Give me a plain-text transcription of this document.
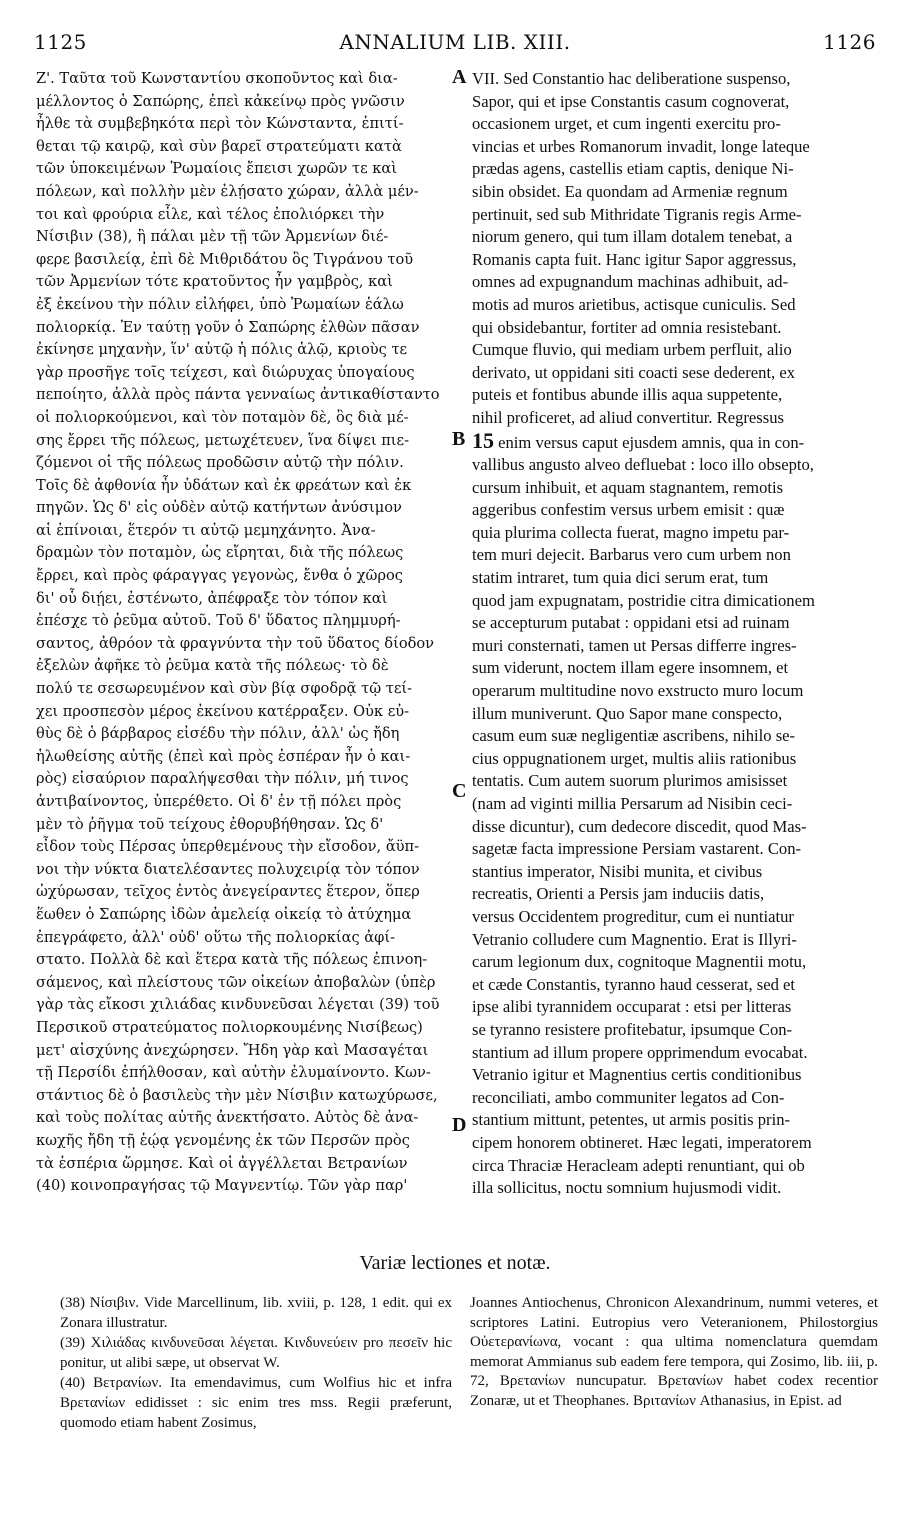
1125	ANNALIUM LIB. XIII.	1126

Ζ'. Ταῦτα τοῦ Κωνσταντίου σκοποῦντος καὶ δια-
μέλλοντος ὁ Σαπώρης, ἐπεὶ κἀκείνῳ πρὸς γνῶσιν
ἦλθε τὰ συμβεβηκότα περὶ τὸν Κώνσταντα, ἐπιτί-
θεται τῷ καιρῷ, καὶ σὺν βαρεῖ στρατεύματι κατὰ
τῶν ὑποκειμένων Ῥωμαίοις ἔπεισι χωρῶν τε καὶ
πόλεων, καὶ πολλὴν μὲν ἐλῄσατο χώραν, ἀλλὰ μέν-
τοι καὶ φρούρια εἷλε, καὶ τέλος ἐπολιόρκει τὴν
Νίσιβιν (38), ἣ πάλαι μὲν τῇ τῶν Ἀρμενίων διέ-
φερε βασιλείᾳ, ἐπὶ δὲ Μιθριδάτου ὃς Τιγράνου τοῦ
τῶν Ἀρμενίων τότε κρατοῦντος ἦν γαμβρὸς, καὶ
ἐξ ἐκείνου τὴν πόλιν εἰλήφει, ὑπὸ Ῥωμαίων ἑάλω
πολιορκίᾳ. Ἐν ταύτῃ γοῦν ὁ Σαπώρης ἐλθὼν πᾶσαν
ἐκίνησε μηχανὴν, ἵν' αὐτῷ ἡ πόλις ἁλῷ, κριοὺς τε
γὰρ προσῆγε τοῖς τείχεσι, καὶ διώρυχας ὑπογαίους
πεποίητο, ἀλλὰ πρὸς πάντα γενναίως ἀντικαθίσταντο
οἱ πολιορκούμενοι, καὶ τὸν ποταμὸν δὲ, ὃς διὰ μέ-
σης ἔρρει τῆς πόλεως, μετωχέτευεν, ἵνα δίψει πιε-
ζόμενοι οἱ τῆς πόλεως προδῶσιν αὐτῷ τὴν πόλιν.
Τοῖς δὲ ἀφθονία ἦν ὑδάτων καὶ ἐκ φρεάτων καὶ ἐκ
πηγῶν. Ὡς δ' εἰς οὐδὲν αὐτῷ κατήντων ἀνύσιμον
αἱ ἐπίνοιαι, ἕτερόν τι αὐτῷ μεμηχάνητο. Ἀνα-
δραμὼν τὸν ποταμὸν, ὡς εἴρηται, διὰ τῆς πόλεως
ἔρρει, καὶ πρὸς φάραγγας γεγονὼς, ἔνθα ὁ χῶρος
δι' οὗ διῄει, ἐστένωτο, ἀπέφραξε τὸν τόπον καὶ
ἐπέσχε τὸ ῥεῦμα αὐτοῦ. Τοῦ δ' ὕδατος πλημμυρή-
σαντος, ἀθρόον τὰ φραγνύντα τὴν τοῦ ὕδατος δίοδον
ἐξελὼν ἀφῆκε τὸ ῥεῦμα κατὰ τῆς πόλεως· τὸ δὲ
πολύ τε σεσωρευμένον καὶ σὺν βίᾳ σφοδρᾷ τῷ τεί-
χει προσπεσὸν μέρος ἐκείνου κατέρραξεν. Οὐκ εὐ-
θὺς δὲ ὁ βάρβαρος εἰσέδυ τὴν πόλιν, ἀλλ' ὡς ἤδη
ἡλωθείσης αὐτῆς (ἐπεὶ καὶ πρὸς ἑσπέραν ἦν ὁ και-
ρὸς) εἰσαύριον παραλήψεσθαι τὴν πόλιν, μή τινος
ἀντιβαίνοντος, ὑπερέθετο. Οἱ δ' ἐν τῇ πόλει πρὸς
μὲν τὸ ῥῆγμα τοῦ τείχους ἐθορυβήθησαν. Ὡς δ'
εἶδον τοὺς Πέρσας ὑπερθεμένους τὴν εἴσοδον, ἄϋπ-
νοι τὴν νύκτα διατελέσαντες πολυχειρίᾳ τὸν τόπον
ὠχύρωσαν, τεῖχος ἐντὸς ἀνεγείραντες ἕτερον, ὅπερ
ἕωθεν ὁ Σαπώρης ἰδὼν ἀμελείᾳ οἰκείᾳ τὸ ἀτύχημα
ἐπεγράφετο, ἀλλ' οὐδ' οὕτω τῆς πολιορκίας ἀφί-
στατο. Πολλὰ δὲ καὶ ἕτερα κατὰ τῆς πόλεως ἐπινοη-
σάμενος, καὶ πλείστους τῶν οἰκείων ἀποβαλὼν (ὑπὲρ
γὰρ τὰς εἴκοσι χιλιάδας κινδυνεῦσαι λέγεται (39) τοῦ
Περσικοῦ στρατεύματος πολιορκουμένης Νισίβεως)
μετ' αἰσχύνης ἀνεχώρησεν. Ἤδη γὰρ καὶ Μασαγέται
τῇ Περσίδι ἐπήλθοσαν, καὶ αὐτὴν ἐλυμαίνοντο. Κων-
στάντιος δὲ ὁ βασιλεὺς τὴν μὲν Νίσιβιν κατωχύρωσε,
καὶ τοὺς πολίτας αὐτῆς ἀνεκτήσατο. Αὐτὸς δὲ ἀνα-
κωχῆς ἤδη τῇ ἑῴᾳ γενομένης ἐκ τῶν Περσῶν πρὸς
τὰ ἑσπέρια ὥρμησε. Καὶ οἱ ἀγγέλλεται Βετρανίων
(40) κοινοπραγήσας τῷ Μαγνεντίῳ. Τῶν γὰρ παρ'

A
B
C
D

VII. Sed Constantio hac deliberatione suspenso,
Sapor, qui et ipse Constantis casum cognoverat,
occasionem urget, et cum ingenti exercitu pro-
vincias et urbes Romanorum invadit, longe lateque
prædas agens, castellis etiam captis, denique Ni-
sibin obsidet. Ea quondam ad Armeniæ regnum
pertinuit, sed sub Mithridate Tigranis regis Arme-
niorum genero, qui tum illam dotalem tenebat, a
Romanis capta fuit. Hanc igitur Sapor aggressus,
omnes ad expugnandum machinas adhibuit, ad-
motis ad muros arietibus, actisque cuniculis. Sed
qui obsidebantur, fortiter ad omnia resistebant.
Cumque fluvio, qui mediam urbem perfluit, alio
derivato, ut oppidani siti coacti sese dederent, ex
puteis et fontibus abunde illis aqua suppetente,
nihil proficeret, ad aliud convertitur. Regressus
15 enim versus caput ejusdem amnis, qua in con-
vallibus angusto alveo defluebat : loco illo obsepto,
cursum inhibuit, et aquam stagnantem, remotis
aggeribus confestim versus urbem emisit : quæ
quia plurima collecta fuerat, magno impetu par-
tem muri dejecit. Barbarus vero cum urbem non
statim intraret, tum quia dici serum erat, tum
quod jam expugnatam, postridie citra dimicationem
se accepturum putabat : oppidani etsi ad ruinam
muri consternati, tamen ut Persas differre ingres-
sum viderunt, noctem illam egere insomnem, et
operarum multitudine novo exstructo muro locum
illum muniverunt. Quo Sapor mane conspecto,
casum eum suæ negligentiæ ascribens, nihilo se-
cius oppugnationem urget, multis aliis rationibus
tentatis. Cum autem suorum plurimos amisisset
(nam ad viginti millia Persarum ad Nisibin ceci-
disse dicuntur), cum dedecore discedit, quod Mas-
sagetæ facta impressione Persiam vastarent. Con-
stantius imperator, Nisibi munita, et civibus
recreatis, Orienti a Persis jam induciis datis,
versus Occidentem progreditur, cum ei nuntiatur
Vetranio colludere cum Magnentio. Erat is Illyri-
carum legionum dux, cognitoque Magnentii motu,
et cæde Constantis, tyranno haud cesserat, sed et
ipse alibi tyrannidem occuparat : etsi per litteras
se tyranno resistere profitebatur, ipsumque Con-
stantium ad illum propere opprimendum evocabat.
Vetranio igitur et Magnentius certis conditionibus
reconciliati, ambo communiter legatos ad Con-
stantium mittunt, petentes, ut armis positis prin-
cipem honorem obtineret. Hæc legati, imperatorem
circa Thraciæ Heracleam adepti renuntiant, qui ob
illa sollicitus, noctu somnium hujusmodi vidit.

Variæ lectiones et notæ.

(38) Νίσιβιν. Vide Marcellinum, lib. xviii, p. 128, 1 edit. qui ex Zonara illustratur.

(39) Χιλιάδας κινδυνεῦσαι λέγεται. Κινδυνεύειν pro πεσεῖν hic ponitur, ut alibi sæpe, ut observat W.

(40) Βετρανίων. Ita emendavimus, cum Wolfius hic et infra Βρετανίων edidisset : sic enim tres mss. Regii præferunt, quomodo etiam habent Zosimus,

Joannes Antiochenus, Chronicon Alexandrinum, nummi veteres, et scriptores Latini. Eutropius vero Veteranionem, Philostorgius Οὐετερανίωνα, vocant : qua ultima nomenclatura quemdam memorat Ammianus sub eadem fere tempora, qui Zosimo, lib. iii, p. 72, Βρετανίων nuncupatur. Βρετανίων habet codex recentior Zonaræ, ut et Theophanes. Βριτανίων Athanasius, in Epist. ad
